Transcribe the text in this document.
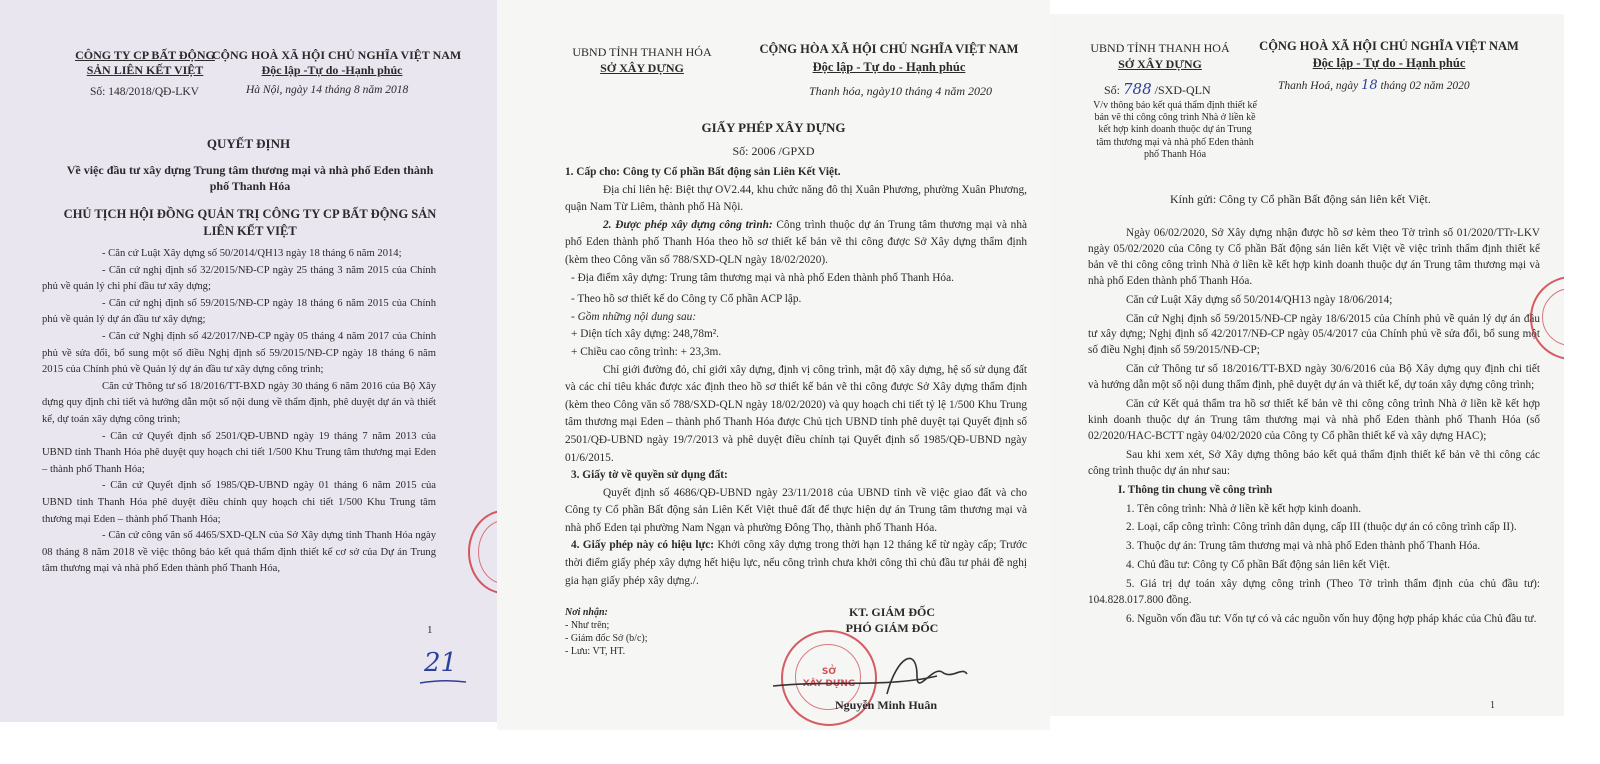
CÔNG TY CP BẤT ĐỘNG
SẢN LIÊN KẾT VIỆT
CỘNG HOÀ XÃ HỘI CHỦ NGHĨA VIỆT NAM
Độc lập -Tự do -Hạnh phúc
Số: 148/2018/QĐ-LKV	Hà Nội, ngày 14 tháng 8 năm 2018
QUYẾT ĐỊNH
Về việc đầu tư xây dựng Trung tâm thương mại và nhà phố Eden thành
phố Thanh Hóa
CHỦ TỊCH HỘI ĐỒNG QUẢN TRỊ CÔNG TY CP BẤT ĐỘNG SẢN
LIÊN KẾT VIỆT
- Căn cứ Luật Xây dựng số 50/2014/QH13 ngày 18 tháng 6 năm 2014;
- Căn cứ nghị định số 32/2015/NĐ-CP ngày 25 tháng 3 năm 2015 của Chính phủ về quản lý chi phí đầu tư xây dựng;
- Căn cứ nghị định số 59/2015/NĐ-CP ngày 18 tháng 6 năm 2015 của Chính phủ về quản lý dự án đầu tư xây dựng;
- Căn cứ Nghị định số 42/2017/NĐ-CP ngày 05 tháng 4 năm 2017 của Chính phủ về sửa đổi, bổ sung một số điều Nghị định số 59/2015/NĐ-CP ngày 18 tháng 6 năm 2015 của Chính phủ về Quản lý dự án đầu tư xây dựng công trình;
Căn cứ Thông tư số 18/2016/TT-BXD ngày 30 tháng 6 năm 2016 của Bộ Xây dựng quy định chi tiết và hướng dẫn một số nội dung về thẩm định, phê duyệt dự án và thiết kế, dự toán xây dựng công trình;
- Căn cứ Quyết định số 2501/QĐ-UBND ngày 19 tháng 7 năm 2013 của UBND tỉnh Thanh Hóa phê duyệt quy hoạch chi tiết 1/500 Khu Trung tâm thương mại Eden – thành phố Thanh Hóa;
- Căn cứ Quyết định số 1985/QĐ-UBND ngày 01 tháng 6 năm 2015 của UBND tỉnh Thanh Hóa phê duyệt điều chỉnh quy hoạch chi tiết 1/500 Khu Trung tâm thương mại Eden – thành phố Thanh Hóa;
- Căn cứ công văn số 4465/SXD-QLN của Sở Xây dựng tỉnh Thanh Hóa ngày 08 tháng 8 năm 2018 về việc thông báo kết quả thẩm định thiết kế cơ sở của Dự án Trung tâm thương mại và nhà phố Eden thành phố Thanh Hóa,
1
21
UBND TỈNH THANH HÓA
SỞ XÂY DỰNG
CỘNG HÒA XÃ HỘI CHỦ NGHĨA VIỆT NAM
Độc lập - Tự do - Hạnh phúc
Thanh hóa, ngày10 tháng 4 năm 2020
GIẤY PHÉP XÂY DỰNG
Số: 2006 /GPXD
1. Cấp cho: Công ty Cổ phần Bất động sản Liên Kết Việt.
Địa chỉ liên hệ: Biệt thự OV2.44, khu chức năng đô thị Xuân Phương, phường Xuân Phương, quận Nam Từ Liêm, thành phố Hà Nội.
2. Được phép xây dựng công trình: Công trình thuộc dự án Trung tâm thương mại và nhà phố Eden thành phố Thanh Hóa theo hồ sơ thiết kế bản vẽ thi công được Sở Xây dựng thẩm định (kèm theo Công văn số 788/SXD-QLN ngày 18/02/2020).
- Địa điểm xây dựng: Trung tâm thương mại và nhà phố Eden thành phố Thanh Hóa.
- Theo hồ sơ thiết kế do Công ty Cổ phần ACP lập.
- Gồm những nội dung sau:
+ Diện tích xây dựng: 248,78m².
+ Chiều cao công trình: + 23,3m.
Chỉ giới đường đỏ, chỉ giới xây dựng, định vị công trình, mật độ xây dựng, hệ số sử dụng đất và các chỉ tiêu khác được xác định theo hồ sơ thiết kế bản vẽ thi công được Sở Xây dựng thẩm định (kèm theo Công văn số 788/SXD-QLN ngày 18/02/2020) và quy hoạch chi tiết tỷ lệ 1/500 Khu Trung tâm thương mại Eden – thành phố Thanh Hóa được Chủ tịch UBND tỉnh phê duyệt tại Quyết định số 2501/QĐ-UBND ngày 19/7/2013 và phê duyệt điều chỉnh tại Quyết định số 1985/QĐ-UBND ngày 01/6/2015.
3. Giấy tờ về quyền sử dụng đất:
Quyết định số 4686/QĐ-UBND ngày 23/11/2018 của UBND tỉnh về việc giao đất và cho Công ty Cổ phần Bất động sản Liên Kết Việt thuê đất để thực hiện dự án Trung tâm thương mại và nhà phố Eden tại phường Nam Ngạn và phường Đông Thọ, thành phố Thanh Hóa.
4. Giấy phép này có hiệu lực: Khởi công xây dựng trong thời hạn 12 tháng kể từ ngày cấp; Trước thời điểm giấy phép xây dựng hết hiệu lực, nếu công trình chưa khởi công thì chủ đầu tư phải đề nghị gia hạn giấy phép xây dựng./.
Nơi nhận:
- Như trên;
- Giám đốc Sở (b/c);
- Lưu: VT, HT.
KT. GIÁM ĐỐC
PHÓ GIÁM ĐỐC
SỞ
XÂY DỰNG
Nguyễn Minh Huân
UBND TỈNH THANH HOÁ
SỞ XÂY DỰNG
CỘNG HOÀ XÃ HỘI CHỦ NGHĨA VIỆT NAM
Độc lập - Tự do - Hạnh phúc
Số: 788 /SXD-QLN	Thanh Hoá, ngày 18 tháng 02 năm 2020
V/v thông báo kết quả thẩm định thiết kế bản vẽ thi công công trình Nhà ở liền kề kết hợp kinh doanh thuộc dự án Trung tâm thương mại và nhà phố Eden thành phố Thanh Hóa
Kính gửi: Công ty Cổ phần Bất động sản liên kết Việt.
Ngày 06/02/2020, Sở Xây dựng nhận được hồ sơ kèm theo Tờ trình số 01/2020/TTr-LKV ngày 05/02/2020 của Công ty Cổ phần Bất động sản liên kết Việt về việc trình thẩm định thiết kế bản vẽ thi công công trình Nhà ở liền kề kết hợp kinh doanh thuộc dự án Trung tâm thương mại và nhà phố Eden thành phố Thanh Hóa.
Căn cứ Luật Xây dựng số 50/2014/QH13 ngày 18/06/2014;
Căn cứ Nghị định số 59/2015/NĐ-CP ngày 18/6/2015 của Chính phủ về quản lý dự án đầu tư xây dựng; Nghị định số 42/2017/NĐ-CP ngày 05/4/2017 của Chính phủ về sửa đổi, bổ sung một số điều Nghị định số 59/2015/NĐ-CP;
Căn cứ Thông tư số 18/2016/TT-BXD ngày 30/6/2016 của Bộ Xây dựng quy định chi tiết và hướng dẫn một số nội dung thẩm định, phê duyệt dự án và thiết kế, dự toán xây dựng công trình;
Căn cứ Kết quả thẩm tra hồ sơ thiết kế bản vẽ thi công công trình Nhà ở liền kề kết hợp kinh doanh thuộc dự án Trung tâm thương mại và nhà phố Eden thành phố Thanh Hóa (số 02/2020/HAC-BCTT ngày 04/02/2020 của Công ty Cổ phần thiết kế và xây dựng HAC);
Sau khi xem xét, Sở Xây dựng thông báo kết quả thẩm định thiết kế bản vẽ thi công các công trình thuộc dự án như sau:
I. Thông tin chung về công trình
1. Tên công trình: Nhà ở liền kề kết hợp kinh doanh.
2. Loại, cấp công trình: Công trình dân dụng, cấp III (thuộc dự án có công trình cấp II).
3. Thuộc dự án: Trung tâm thương mại và nhà phố Eden thành phố Thanh Hóa.
4. Chủ đầu tư: Công ty Cổ phần Bất động sản liên kết Việt.
5. Giá trị dự toán xây dựng công trình (Theo Tờ trình thẩm định của chủ đầu tư): 104.828.017.800 đồng.
6. Nguồn vốn đầu tư: Vốn tự có và các nguồn vốn huy động hợp pháp khác của Chủ đầu tư.
1
